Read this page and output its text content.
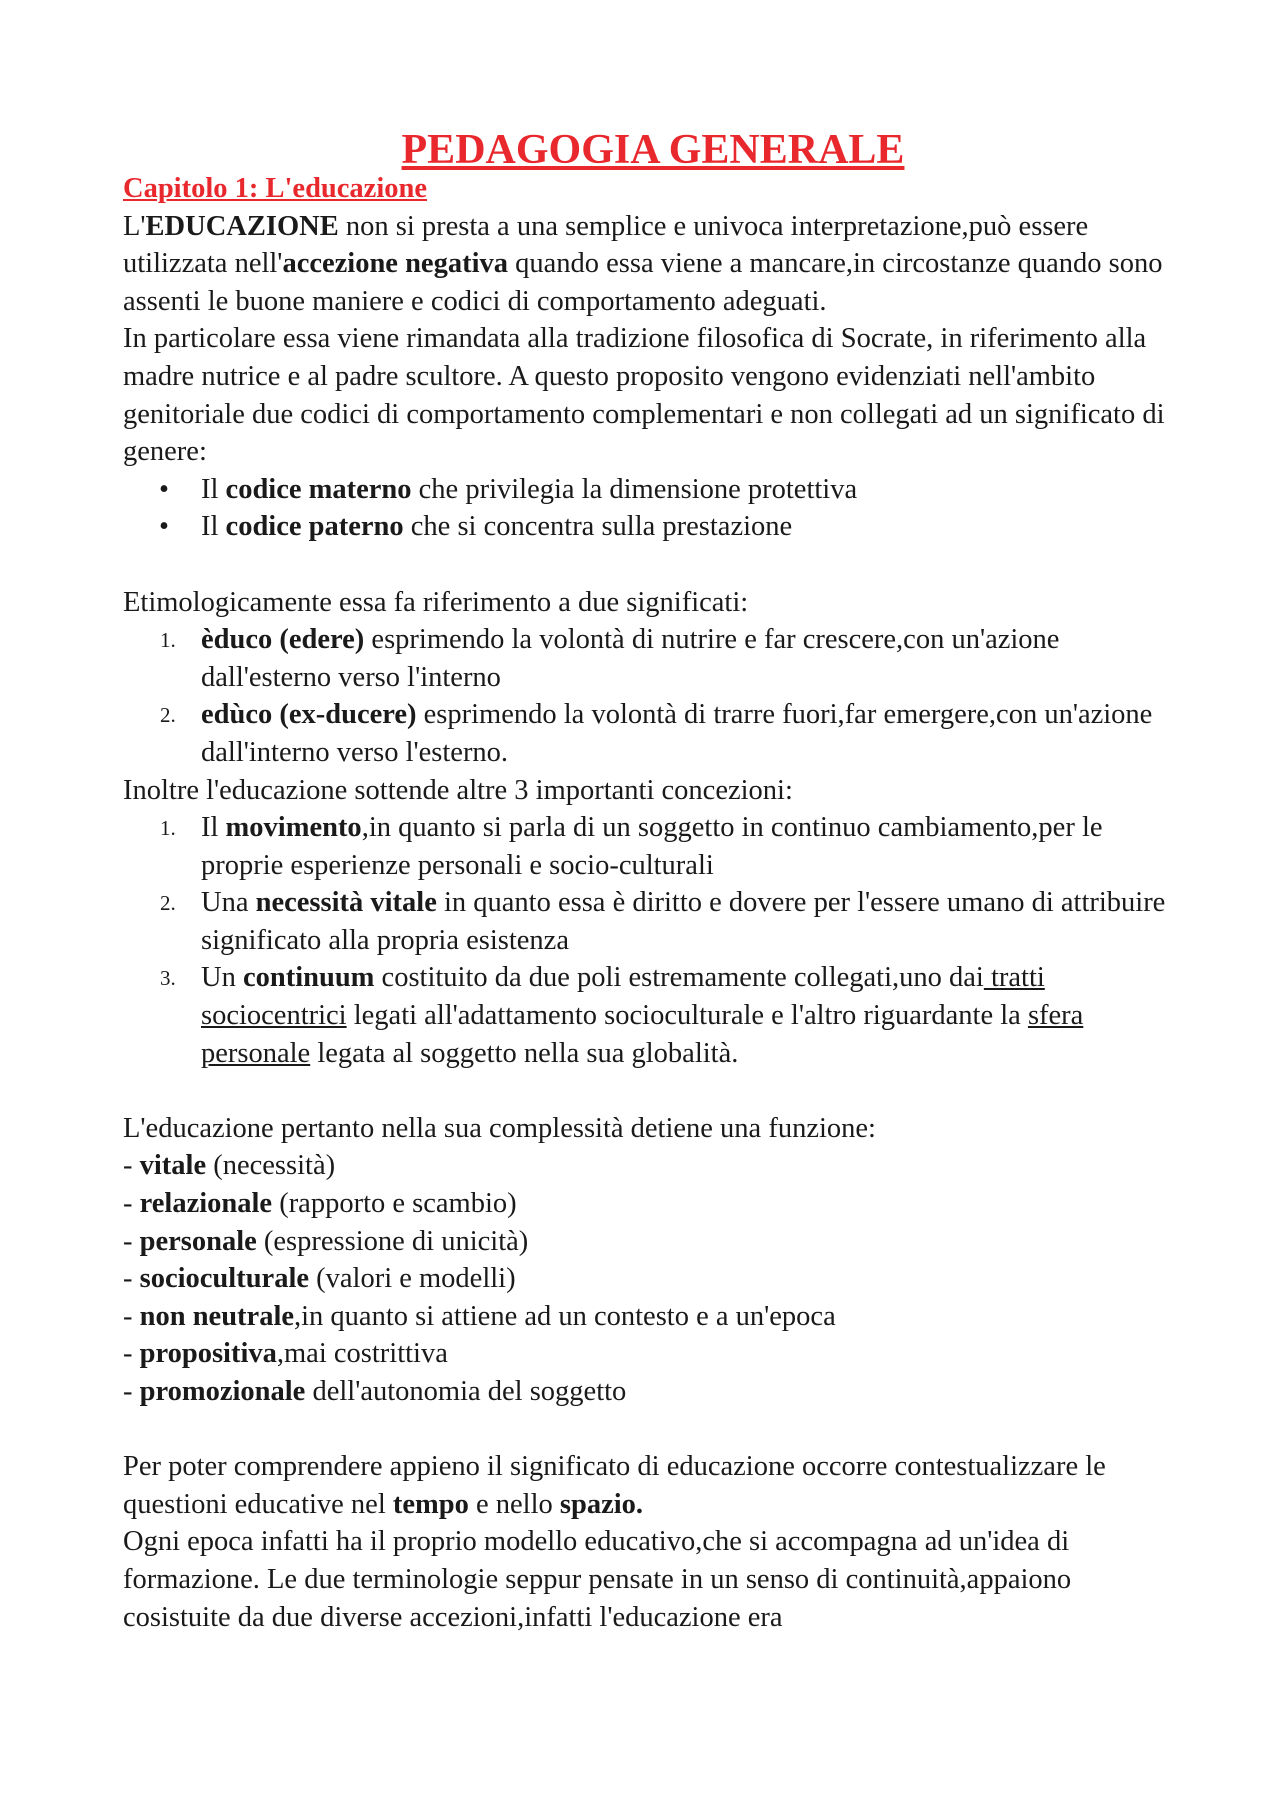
PEDAGOGIA GENERALE
Capitolo 1: L'educazione

L'EDUCAZIONE non si presta a una semplice e univoca interpretazione,può essere utilizzata nell'accezione negativa quando essa viene a mancare,in circostanze quando sono assenti le buone maniere e codici di comportamento adeguati.

In particolare essa viene rimandata alla tradizione filosofica di Socrate, in riferimento alla madre nutrice e al padre scultore. A questo proposito vengono evidenziati nell'ambito genitoriale due codici di comportamento complementari e non collegati ad un significato di genere:

• Il codice materno che privilegia la dimensione protettiva
• Il codice paterno che si concentra sulla prestazione

Etimologicamente essa fa riferimento a due significati:

1. èduco (edere) esprimendo la volontà di nutrire e far crescere,con un'azione dall'esterno verso l'interno
2. edùco (ex-ducere) esprimendo la volontà di trarre fuori,far emergere,con un'azione dall'interno verso l'esterno.

Inoltre l'educazione sottende altre 3 importanti concezioni:

1. Il movimento,in quanto si parla di un soggetto in continuo cambiamento,per le proprie esperienze personali e socio-culturali
2. Una necessità vitale in quanto essa è diritto e dovere per l'essere umano di attribuire significato alla propria esistenza
3. Un continuum costituito da due poli estremamente collegati,uno dai tratti sociocentrici legati all'adattamento socioculturale e l'altro riguardante la sfera personale legata al soggetto nella sua globalità.

L'educazione pertanto nella sua complessità detiene una funzione:

- vitale (necessità)

- relazionale (rapporto e scambio)

- personale (espressione di unicità)

- socioculturale (valori e modelli)

- non neutrale,in quanto si attiene ad un contesto e a un'epoca

- propositiva,mai costrittiva

- promozionale dell'autonomia del soggetto

Per poter comprendere appieno il significato di educazione occorre contestualizzare le questioni educative nel tempo e nello spazio.

Ogni epoca infatti ha il proprio modello educativo,che si accompagna ad un'idea di formazione. Le due terminologie seppur pensate in un senso di continuità,appaiono cosistuite da due diverse accezioni,infatti l'educazione era
